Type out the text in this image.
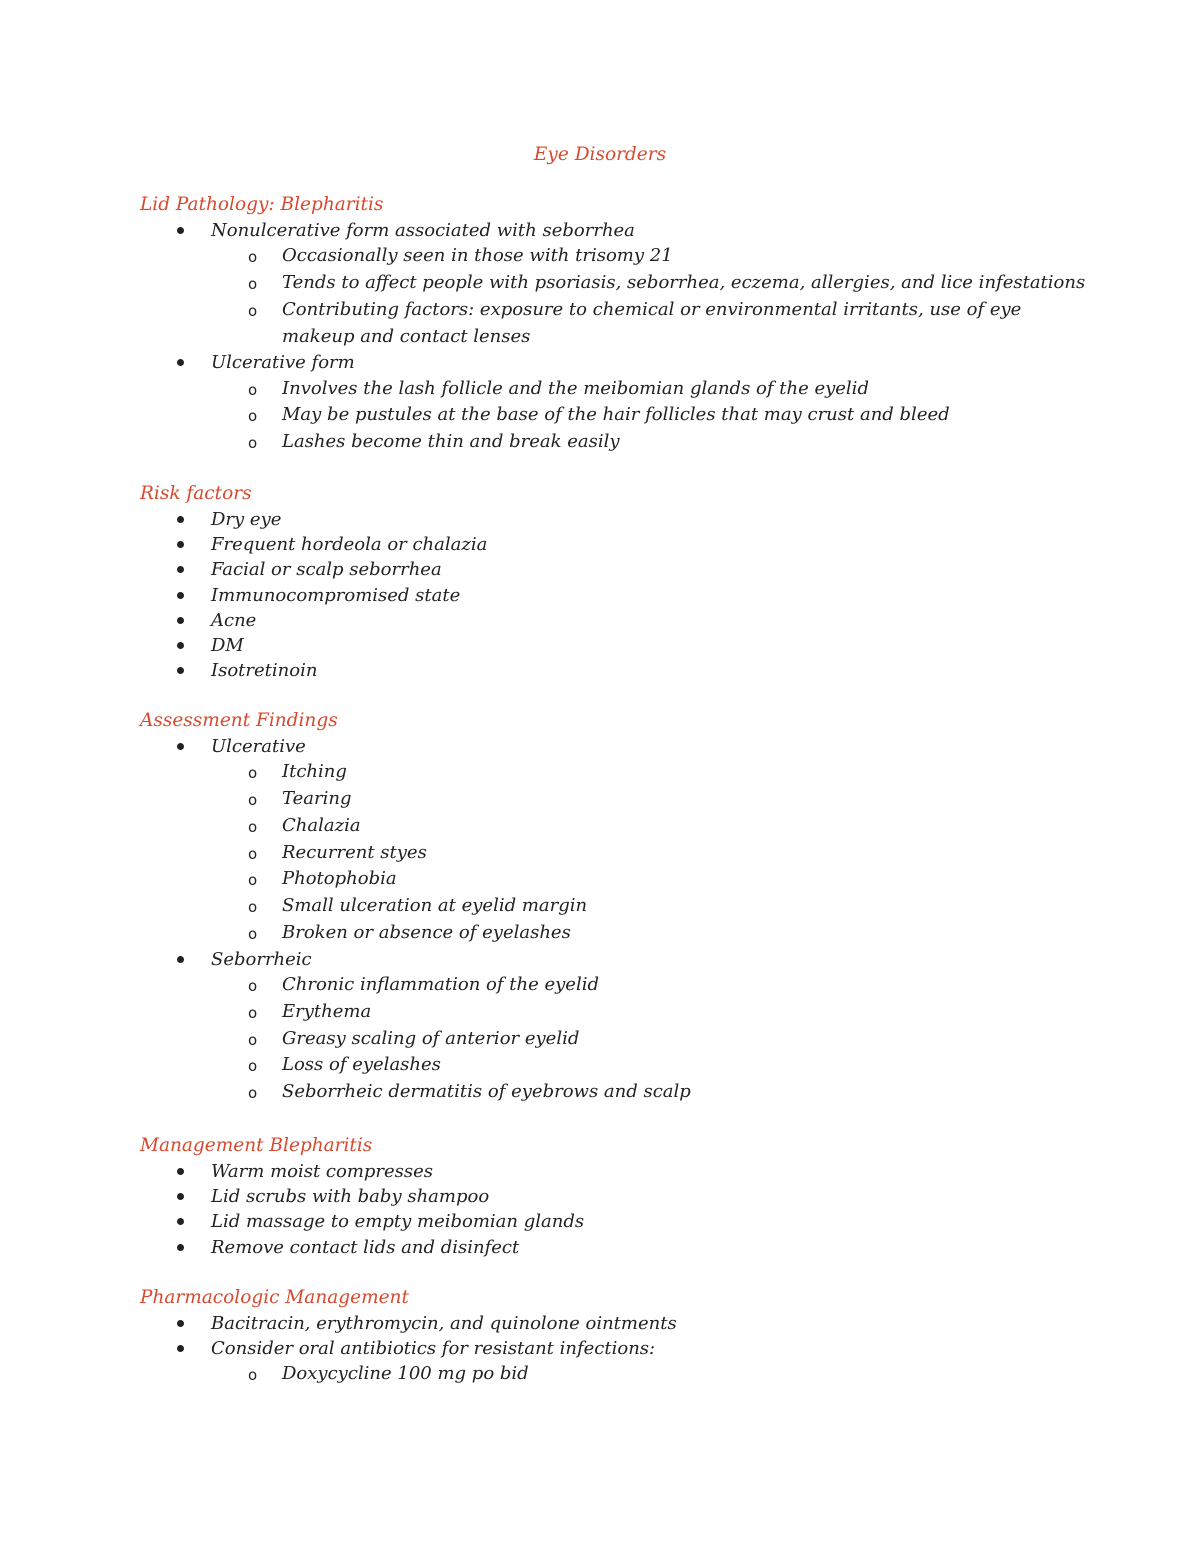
Eye Disorders
Lid Pathology: Blepharitis
Nonulcerative form associated with seborrhea
o Occasionally seen in those with trisomy 21
o Tends to affect people with psoriasis, seborrhea, eczema, allergies, and lice infestations
o Contributing factors: exposure to chemical or environmental irritants, use of eye makeup and contact lenses
Ulcerative form
o Involves the lash follicle and the meibomian glands of the eyelid
o May be pustules at the base of the hair follicles that may crust and bleed
o Lashes become thin and break easily
Risk factors
Dry eye
Frequent hordeola or chalazia
Facial or scalp seborrhea
Immunocompromised state
Acne
DM
Isotretinoin
Assessment Findings
Ulcerative
o Itching
o Tearing
o Chalazia
o Recurrent styes
o Photophobia
o Small ulceration at eyelid margin
o Broken or absence of eyelashes
Seborrheic
o Chronic inflammation of the eyelid
o Erythema
o Greasy scaling of anterior eyelid
o Loss of eyelashes
o Seborrheic dermatitis of eyebrows and scalp
Management Blepharitis
Warm moist compresses
Lid scrubs with baby shampoo
Lid massage to empty meibomian glands
Remove contact lids and disinfect
Pharmacologic Management
Bacitracin, erythromycin, and quinolone ointments
Consider oral antibiotics for resistant infections:
o Doxycycline 100 mg po bid
